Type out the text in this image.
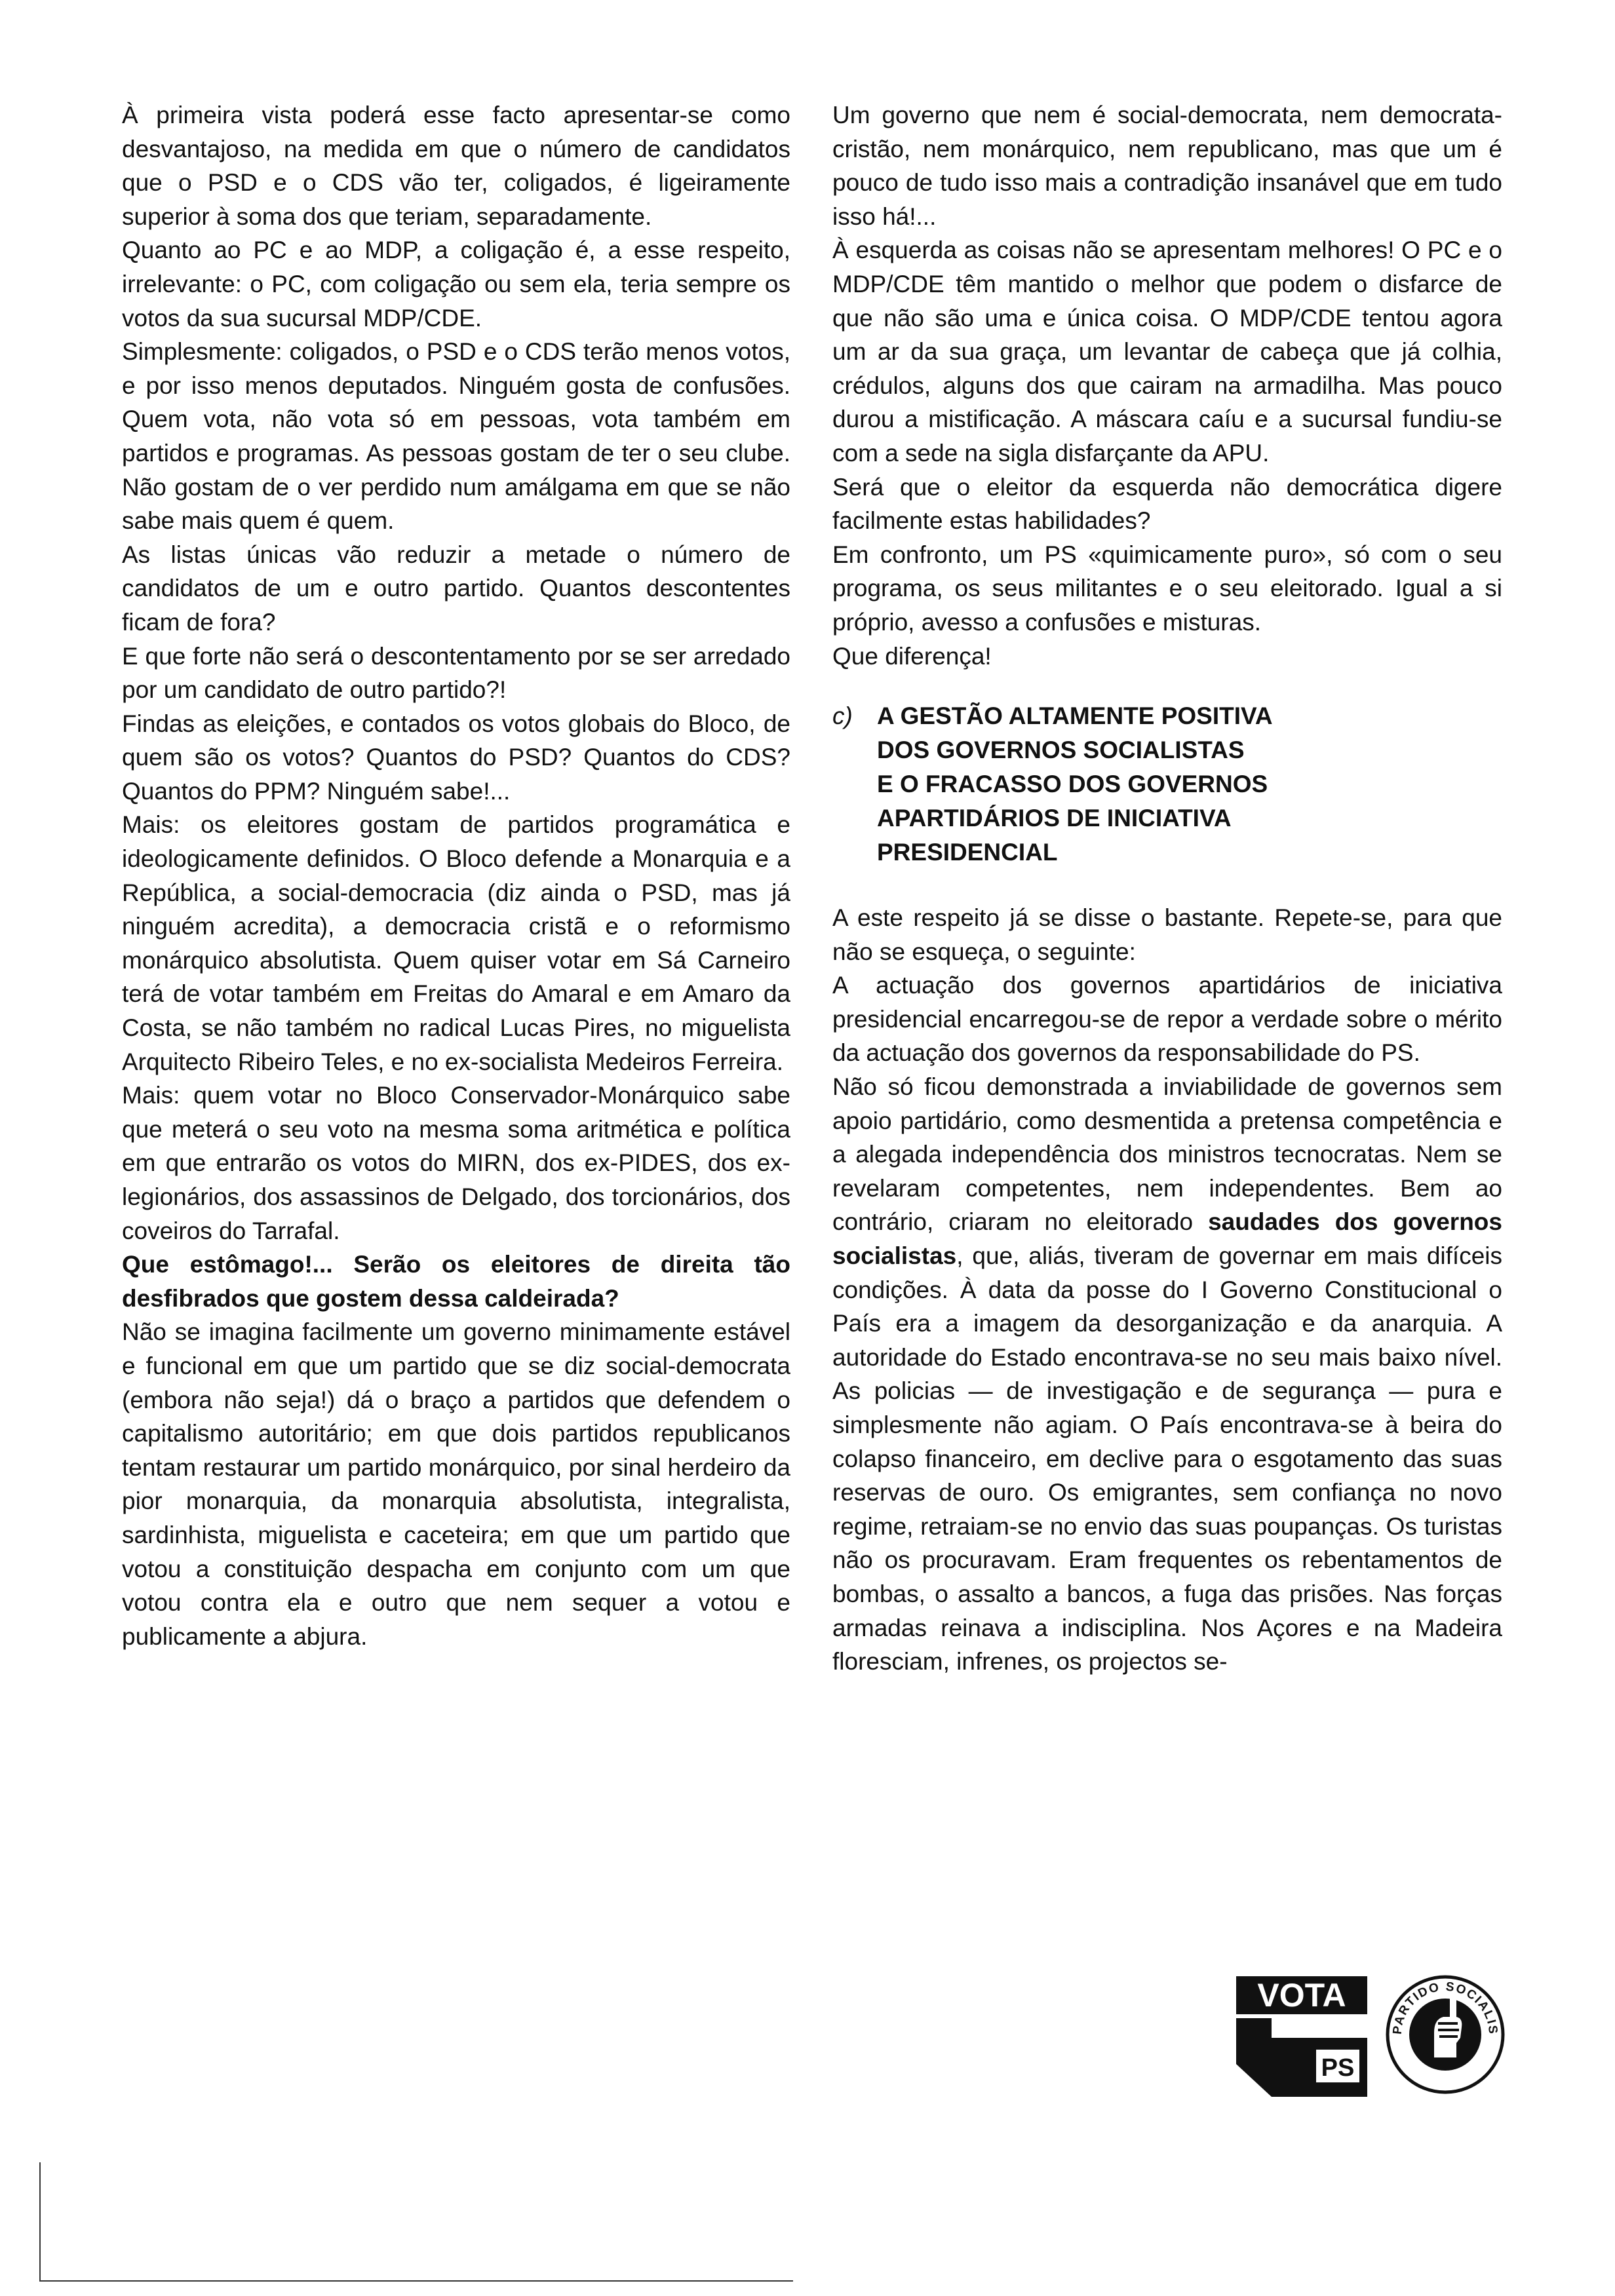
À primeira vista poderá esse facto apresentar-se como desvantajoso, na medida em que o número de candidatos que o PSD e o CDS vão ter, coligados, é ligeiramente superior à soma dos que teriam, separadamente.

Quanto ao PC e ao MDP, a coligação é, a esse respeito, irrelevante: o PC, com coligação ou sem ela, teria sempre os votos da sua sucursal MDP/CDE.

Simplesmente: coligados, o PSD e o CDS terão menos votos, e por isso menos deputados. Ninguém gosta de confusões. Quem vota, não vota só em pessoas, vota também em partidos e programas. As pessoas gostam de ter o seu clube. Não gostam de o ver perdido num amálgama em que se não sabe mais quem é quem.

As listas únicas vão reduzir a metade o número de candidatos de um e outro partido. Quantos descontentes ficam de fora?

E que forte não será o descontentamento por se ser arredado por um candidato de outro partido?!

Findas as eleições, e contados os votos globais do Bloco, de quem são os votos? Quantos do PSD? Quantos do CDS? Quantos do PPM? Ninguém sabe!...

Mais: os eleitores gostam de partidos programática e ideologicamente definidos. O Bloco defende a Monarquia e a República, a social-democracia (diz ainda o PSD, mas já ninguém acredita), a democracia cristã e o reformismo monárquico absolutista. Quem quiser votar em Sá Carneiro terá de votar também em Freitas do Amaral e em Amaro da Costa, se não também no radical Lucas Pires, no miguelista Arquitecto Ribeiro Teles, e no ex-socialista Medeiros Ferreira.

Mais: quem votar no Bloco Conservador-Monárquico sabe que meterá o seu voto na mesma soma aritmética e política em que entrarão os votos do MIRN, dos ex-PIDES, dos ex-legionários, dos assassinos de Delgado, dos torcionários, dos coveiros do Tarrafal.

Que estômago!... Serão os eleitores de direita tão desfibrados que gostem dessa caldeirada?

Não se imagina facilmente um governo minimamente estável e funcional em que um partido que se diz social-democrata (embora não seja!) dá o braço a partidos que defendem o capitalismo autoritário; em que dois partidos republicanos tentam restaurar um partido monárquico, por sinal herdeiro da pior monarquia, da monarquia absolutista, integralista, sardinhista, miguelista e caceteira; em que um partido que votou a constituição despacha em conjunto com um que votou contra ela e outro que nem sequer a votou e publicamente a abjura.

Um governo que nem é social-democrata, nem democrata-cristão, nem monárquico, nem republicano, mas que um é pouco de tudo isso mais a contradição insanável que em tudo isso há!...

À esquerda as coisas não se apresentam melhores! O PC e o MDP/CDE têm mantido o melhor que podem o disfarce de que não são uma e única coisa. O MDP/CDE tentou agora um ar da sua graça, um levantar de cabeça que já colhia, crédulos, alguns dos que cairam na armadilha. Mas pouco durou a mistificação. A máscara caíu e a sucursal fundiu-se com a sede na sigla disfarçante da APU.

Será que o eleitor da esquerda não democrática digere facilmente estas habilidades?

Em confronto, um PS «quimicamente puro», só com o seu programa, os seus militantes e o seu eleitorado. Igual a si próprio, avesso a confusões e misturas.

Que diferença!

c) A GESTÃO ALTAMENTE POSITIVA
DOS GOVERNOS SOCIALISTAS
E O FRACASSO DOS GOVERNOS
APARTIDÁRIOS DE INICIATIVA
PRESIDENCIAL

A este respeito já se disse o bastante. Repete-se, para que não se esqueça, o seguinte:

A actuação dos governos apartidários de iniciativa presidencial encarregou-se de repor a verdade sobre o mérito da actuação dos governos da responsabilidade do PS.

Não só ficou demonstrada a inviabilidade de governos sem apoio partidário, como desmentida a pretensa competência e a alegada independência dos ministros tecnocratas. Nem se revelaram competentes, nem independentes. Bem ao contrário, criaram no eleitorado saudades dos governos socialistas, que, aliás, tiveram de governar em mais difíceis condições. À data da posse do I Governo Constitucional o País era a imagem da desorganização e da anarquia. A autoridade do Estado encontrava-se no seu mais baixo nível. As policias — de investigação e de segurança — pura e simplesmente não agiam. O País encontrava-se à beira do colapso financeiro, em declive para o esgotamento das suas reservas de ouro. Os emigrantes, sem confiança no novo regime, retraiam-se no envio das suas poupanças. Os turistas não os procuravam. Eram frequentes os rebentamentos de bombas, o assalto a bancos, a fuga das prisões. Nas forças armadas reinava a indisciplina. Nos Açores e na Madeira floresciam, infrenes, os projectos se-

VOTA
PS
PARTIDO SOCIALIS
